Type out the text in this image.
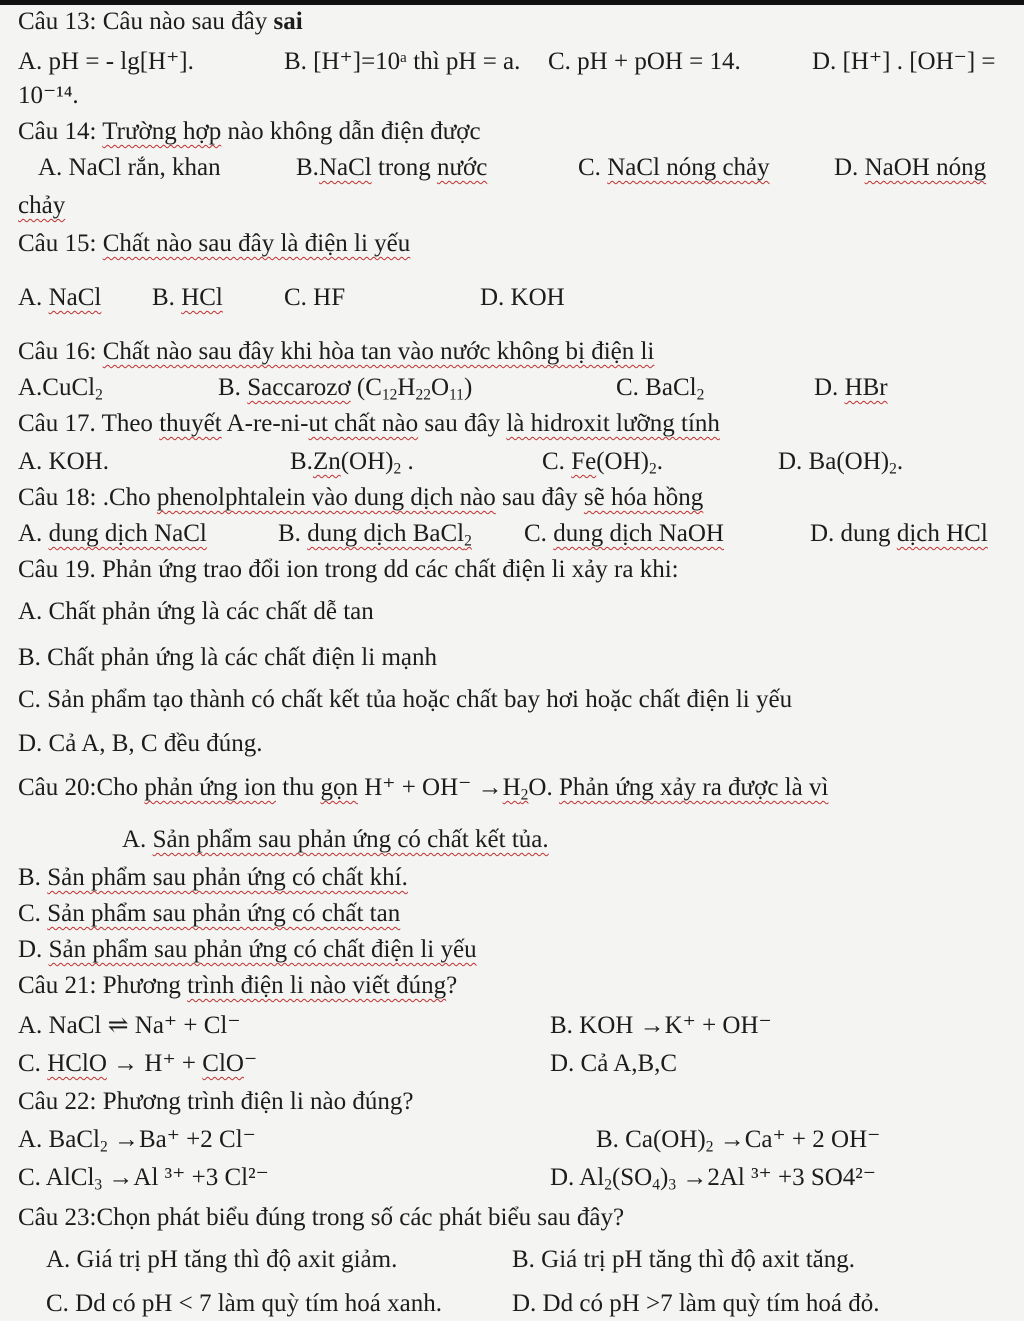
Câu 13: Câu nào sau đây sai
A. pH = - lg[H⁺].	B. [H⁺]=10ᵃ thì pH = a. C. pH + pOH = 14.	D. [H⁺] . [OH⁻] =
10⁻¹⁴.
Câu 14: Trường hợp nào không dẫn điện được
A. NaCl rắn, khan	B.NaCl trong nước	C. NaCl nóng chảy	D. NaOH nóng
chảy
Câu 15: Chất nào sau đây là điện li yếu
A. NaCl B. HCl C. HF	D. KOH
Câu 16: Chất nào sau đây khi hòa tan vào nước không bị điện li
A.CuCl$_2$	B. Saccarozơ $(C_{12}H_{22}O_{11})$	C. BaCl$_2$	D. HBr
Câu 17. Theo thuyết A-re-ni-ut chất nào sau đây là hidroxit lưỡng tính
A. KOH.	$B.Zn(OH)_2$ .	C. $Fe(OH)_2$.	D. $Ba(OH)_2$.
Câu 18: .Cho phenolphtalein vào dung dịch nào sau đây sẽ hóa hồng
A. dung dịch NaCl	B. dung dịch BaCl$_2$ C. dung dịch NaOH	D. dung dịch HCl
Câu 19. Phản ứng trao đổi ion trong dd các chất điện li xảy ra khi:
A. Chất phản ứng là các chất dễ tan
B. Chất phản ứng là các chất điện li mạnh
C. Sản phẩm tạo thành có chất kết tủa hoặc chất bay hơi hoặc chất điện li yếu
D. Cả A, B, C đều đúng.
Câu 20:Cho phản ứng ion thu gọn $H^+ + OH^- \to H_2O$. Phản ứng xảy ra được là vì
A. Sản phẩm sau phản ứng có chất kết tủa.
B. Sản phẩm sau phản ứng có chất khí.
C. Sản phẩm sau phản ứng có chất tan
D. Sản phẩm sau phản ứng có chất điện li yếu
Câu 21: Phương trình điện li nào viết đúng?
A. NaCl ⇌ Na⁺ + Cl⁻	B. KOH →K⁺ + OH⁻
C. HClO → H⁺ + ClO⁻	D. Cả A,B,C
Câu 22: Phương trình điện li nào đúng?
A. BaCl$_2$ →Ba⁺ +2 Cl⁻	B. $Ca(OH)_2 \to Ca^+ + 2$ OH⁻
C. AlCl$_3$ →Al ³⁺ +3 Cl²⁻	D. $Al_2(SO_4)_3 \to 2Al$ ³⁺ +3 SO4²⁻
Câu 23:Chọn phát biểu đúng trong số các phát biểu sau đây?
A. Giá trị pH tăng thì độ axit giảm.	B. Giá trị pH tăng thì độ axit tăng.
C. Dd có pH < 7 làm quỳ tím hoá xanh.	D. Dd có pH >7 làm quỳ tím hoá đỏ.
